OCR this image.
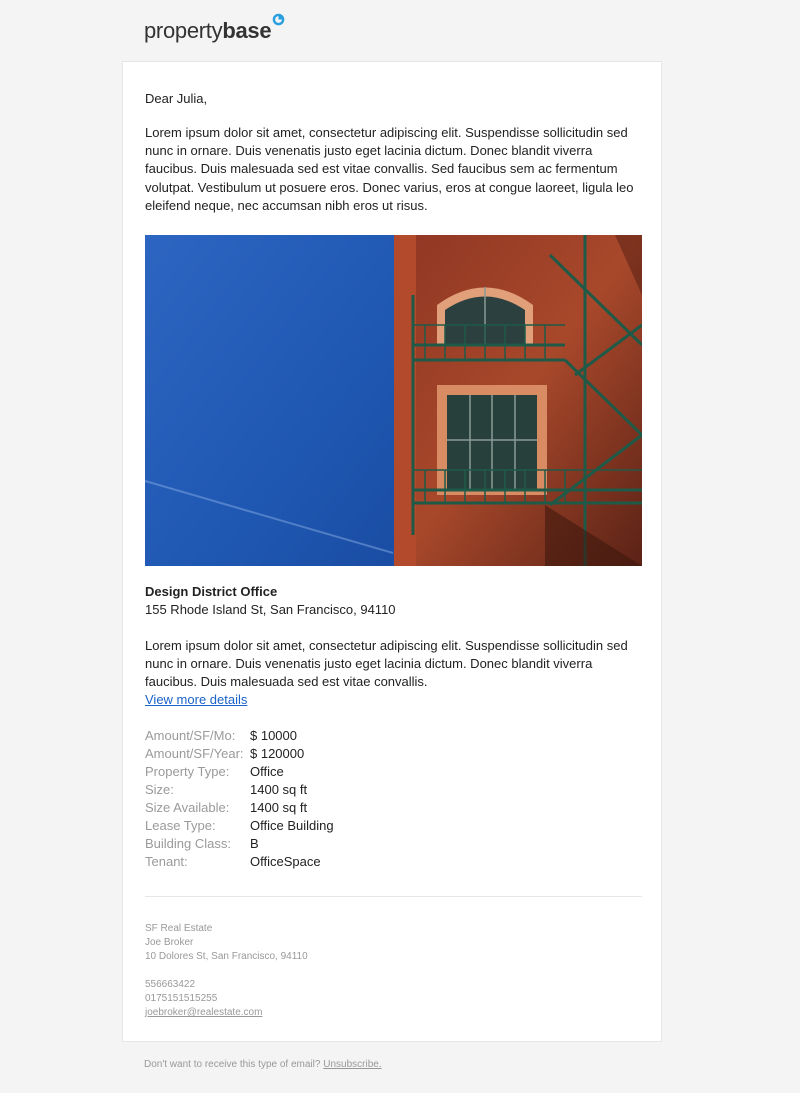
propertybase
Dear Julia,

Lorem ipsum dolor sit amet, consectetur adipiscing elit. Suspendisse sollicitudin sed nunc in ornare. Duis venenatis justo eget lacinia dictum. Donec blandit viverra faucibus. Duis malesuada sed est vitae convallis. Sed faucibus sem ac fermentum volutpat. Vestibulum ut posuere eros. Donec varius, eros at congue laoreet, ligula leo eleifend neque, nec accumsan nibh eros ut risus.

Design District Office
155 Rhode Island St, San Francisco, 94110

Lorem ipsum dolor sit amet, consectetur adipiscing elit. Suspendisse sollicitudin sed nunc in ornare. Duis venenatis justo eget lacinia dictum. Donec blandit viverra faucibus. Duis malesuada sed est vitae convallis.

View more details
Amount/SF/Mo:	$ 10000
Amount/SF/Year: $ 120000
Property Type:	Office
Size:	1400 sq ft
Size Available:	1400 sq ft
Lease Type:	Office Building
Building Class:	B
Tenant:	OfficeSpace
SF Real Estate
Joe Broker
10 Dolores St, San Francisco, 94110
556663422
0175151515255
joebroker@realestate.com
Don't want to receive this type of email? Unsubscribe.
